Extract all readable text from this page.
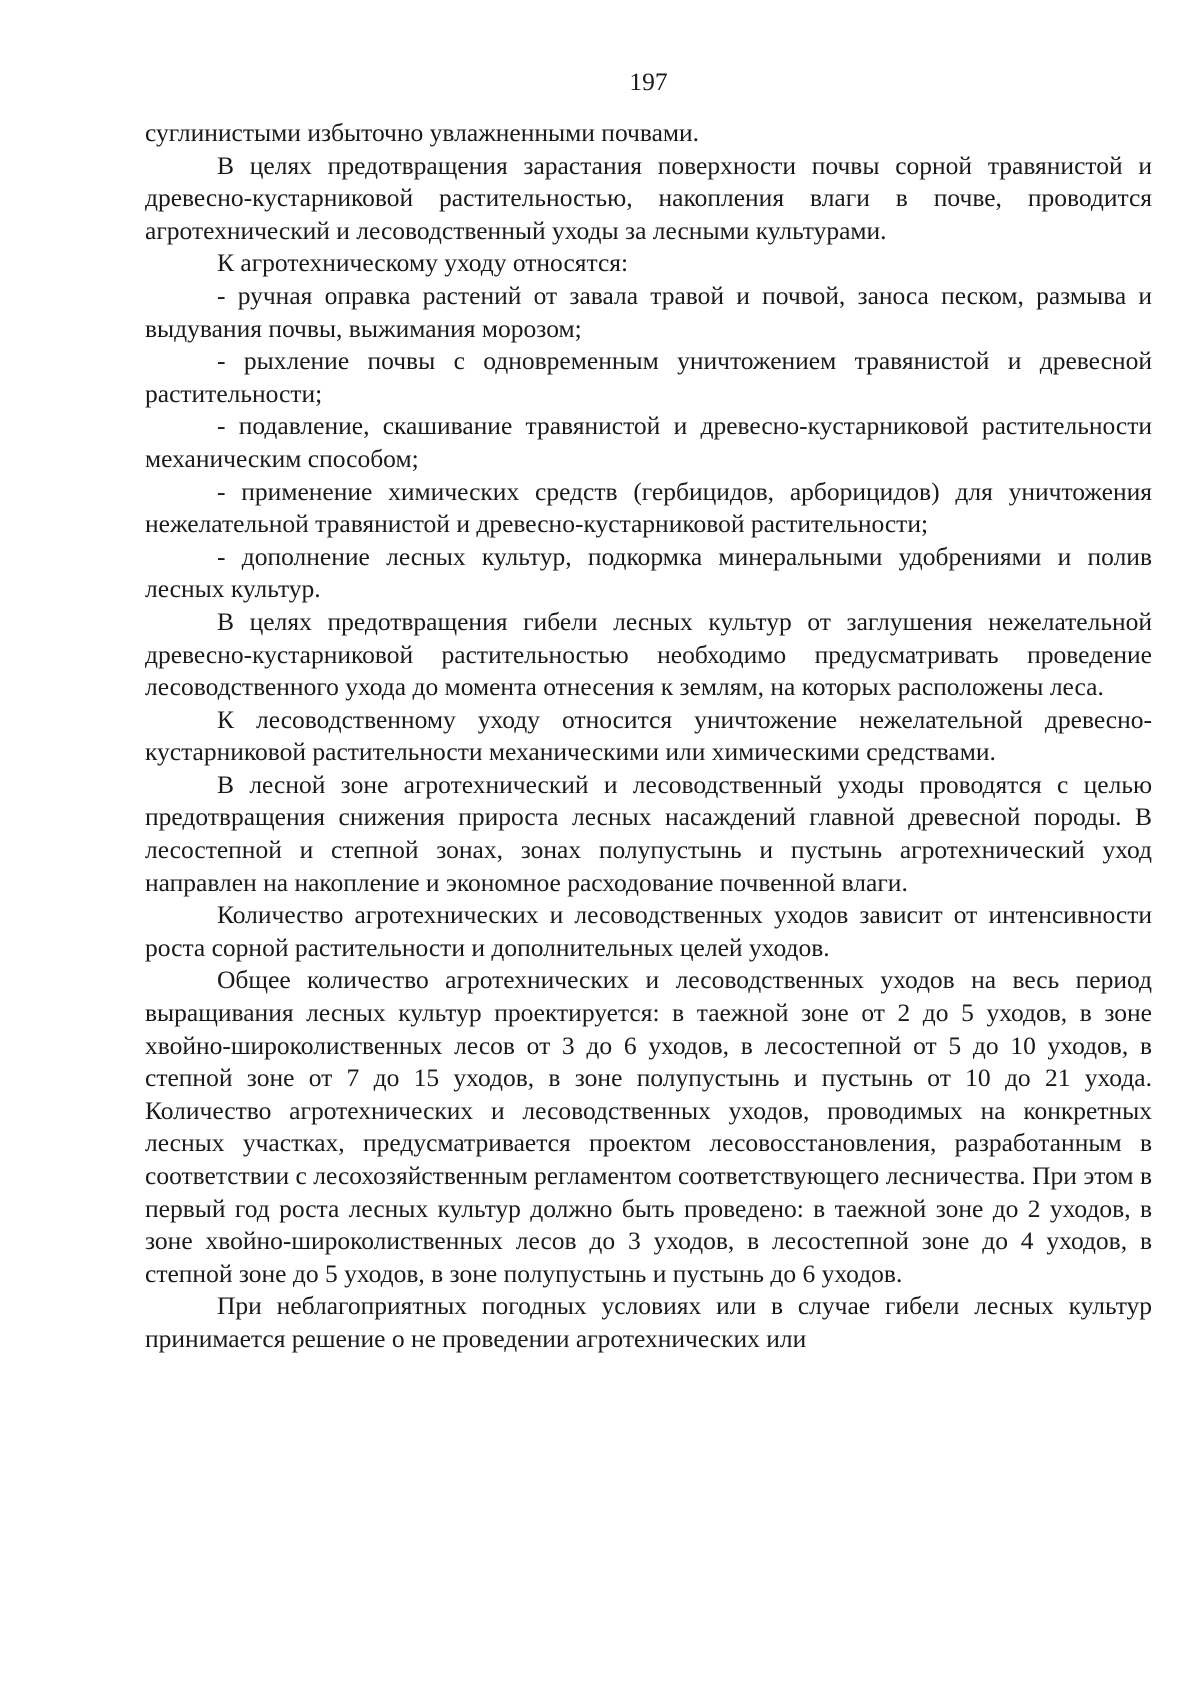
197

суглинистыми избыточно увлажненными почвами.

В целях предотвращения зарастания поверхности почвы сорной травянистой и древесно-кустарниковой растительностью, накопления влаги в почве, проводится агротехнический и лесоводственный уходы за лесными культурами.

К агротехническому уходу относятся:

- ручная оправка растений от завала травой и почвой, заноса песком, размыва и выдувания почвы, выжимания морозом;

- рыхление почвы с одновременным уничтожением травянистой и древесной растительности;

- подавление, скашивание травянистой и древесно-кустарниковой растительности механическим способом;

- применение химических средств (гербицидов, арборицидов) для уничтожения нежелательной травянистой и древесно-кустарниковой растительности;

- дополнение лесных культур, подкормка минеральными удобрениями и полив лесных культур.

В целях предотвращения гибели лесных культур от заглушения нежелательной древесно-кустарниковой растительностью необходимо предусматривать проведение лесоводственного ухода до момента отнесения к землям, на которых расположены леса.

К лесоводственному уходу относится уничтожение нежелательной древесно-кустарниковой растительности механическими или химическими средствами.

В лесной зоне агротехнический и лесоводственный уходы проводятся с целью предотвращения снижения прироста лесных насаждений главной древесной породы. В лесостепной и степной зонах, зонах полупустынь и пустынь агротехнический уход направлен на накопление и экономное расходование почвенной влаги.

Количество агротехнических и лесоводственных уходов зависит от интенсивности роста сорной растительности и дополнительных целей уходов.

Общее количество агротехнических и лесоводственных уходов на весь период выращивания лесных культур проектируется: в таежной зоне от 2 до 5 уходов, в зоне хвойно-широколиственных лесов от 3 до 6 уходов, в лесостепной от 5 до 10 уходов, в степной зоне от 7 до 15 уходов, в зоне полупустынь и пустынь от 10 до 21 ухода. Количество агротехнических и лесоводственных уходов, проводимых на конкретных лесных участках, предусматривается проектом лесовосстановления, разработанным в соответствии с лесохозяйственным регламентом соответствующего лесничества. При этом в первый год роста лесных культур должно быть проведено: в таежной зоне до 2 уходов, в зоне хвойно-широколиственных лесов до 3 уходов, в лесостепной зоне до 4 уходов, в степной зоне до 5 уходов, в зоне полупустынь и пустынь до 6 уходов.

При неблагоприятных погодных условиях или в случае гибели лесных культур принимается решение о не проведении агротехнических или
